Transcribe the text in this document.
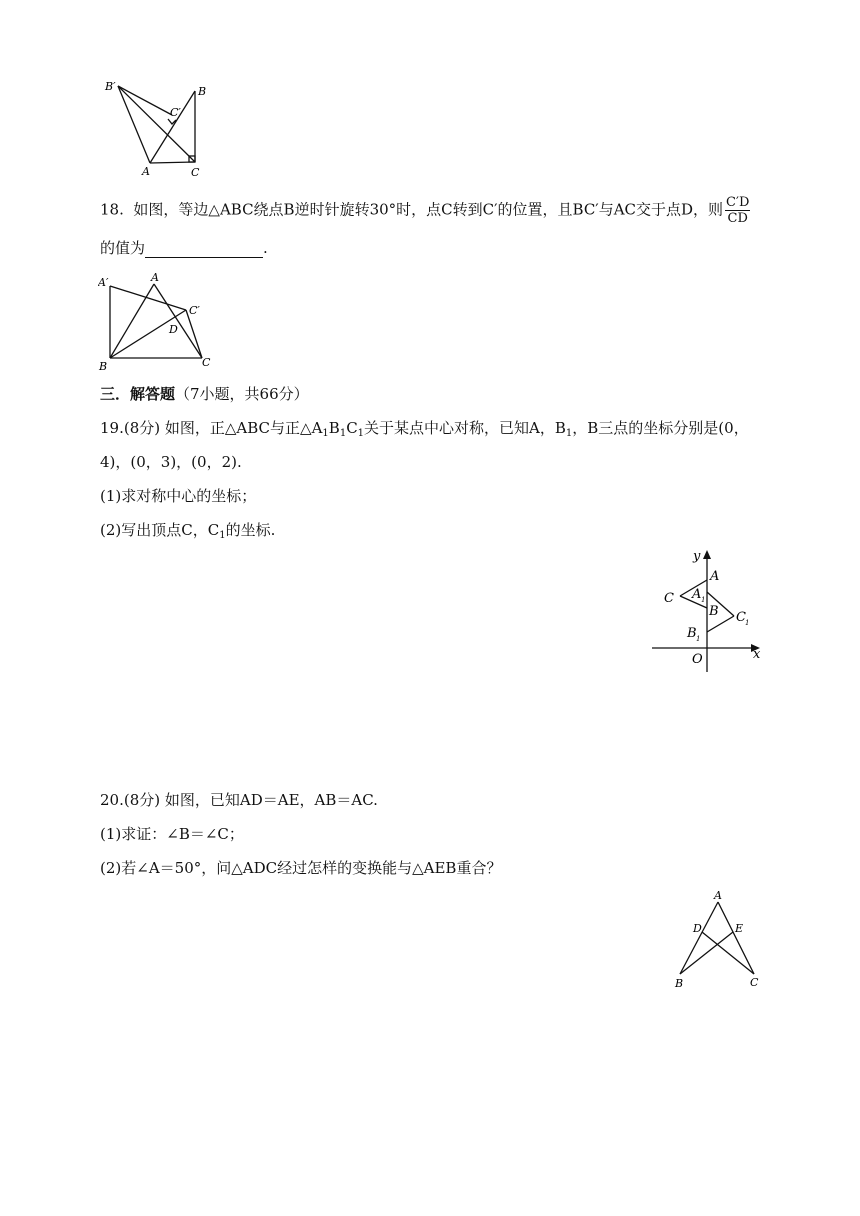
B′	B
C′
A	C
18. 如图，等边△ABC绕点B逆时针旋转30°时，点C转到C′的位置，且BC′与AC交于点D，则 $\frac{C'D}{CD}$
的值为	.
A′	A
C′
D
B	C
三．解答题（7小题，共66分）
19.(8分) 如图，正△ABC与正$\triangle A_1B_1C_1$关于某点中心对称，已知A，$B_1$，B三点的坐标分别是(0，
4)，(0，3)，(0，2).
(1)求对称中心的坐标；
(2)写出顶点C，$C_1$的坐标.
y
x
O
A
A 1
B
B 1
C
C 1
20.(8分) 如图，已知AD＝AE，AB＝AC.
(1)求证：∠B＝∠C；
(2)若∠A＝50°，问△ADC经过怎样的变换能与△AEB重合？
A
D	E
B	C
